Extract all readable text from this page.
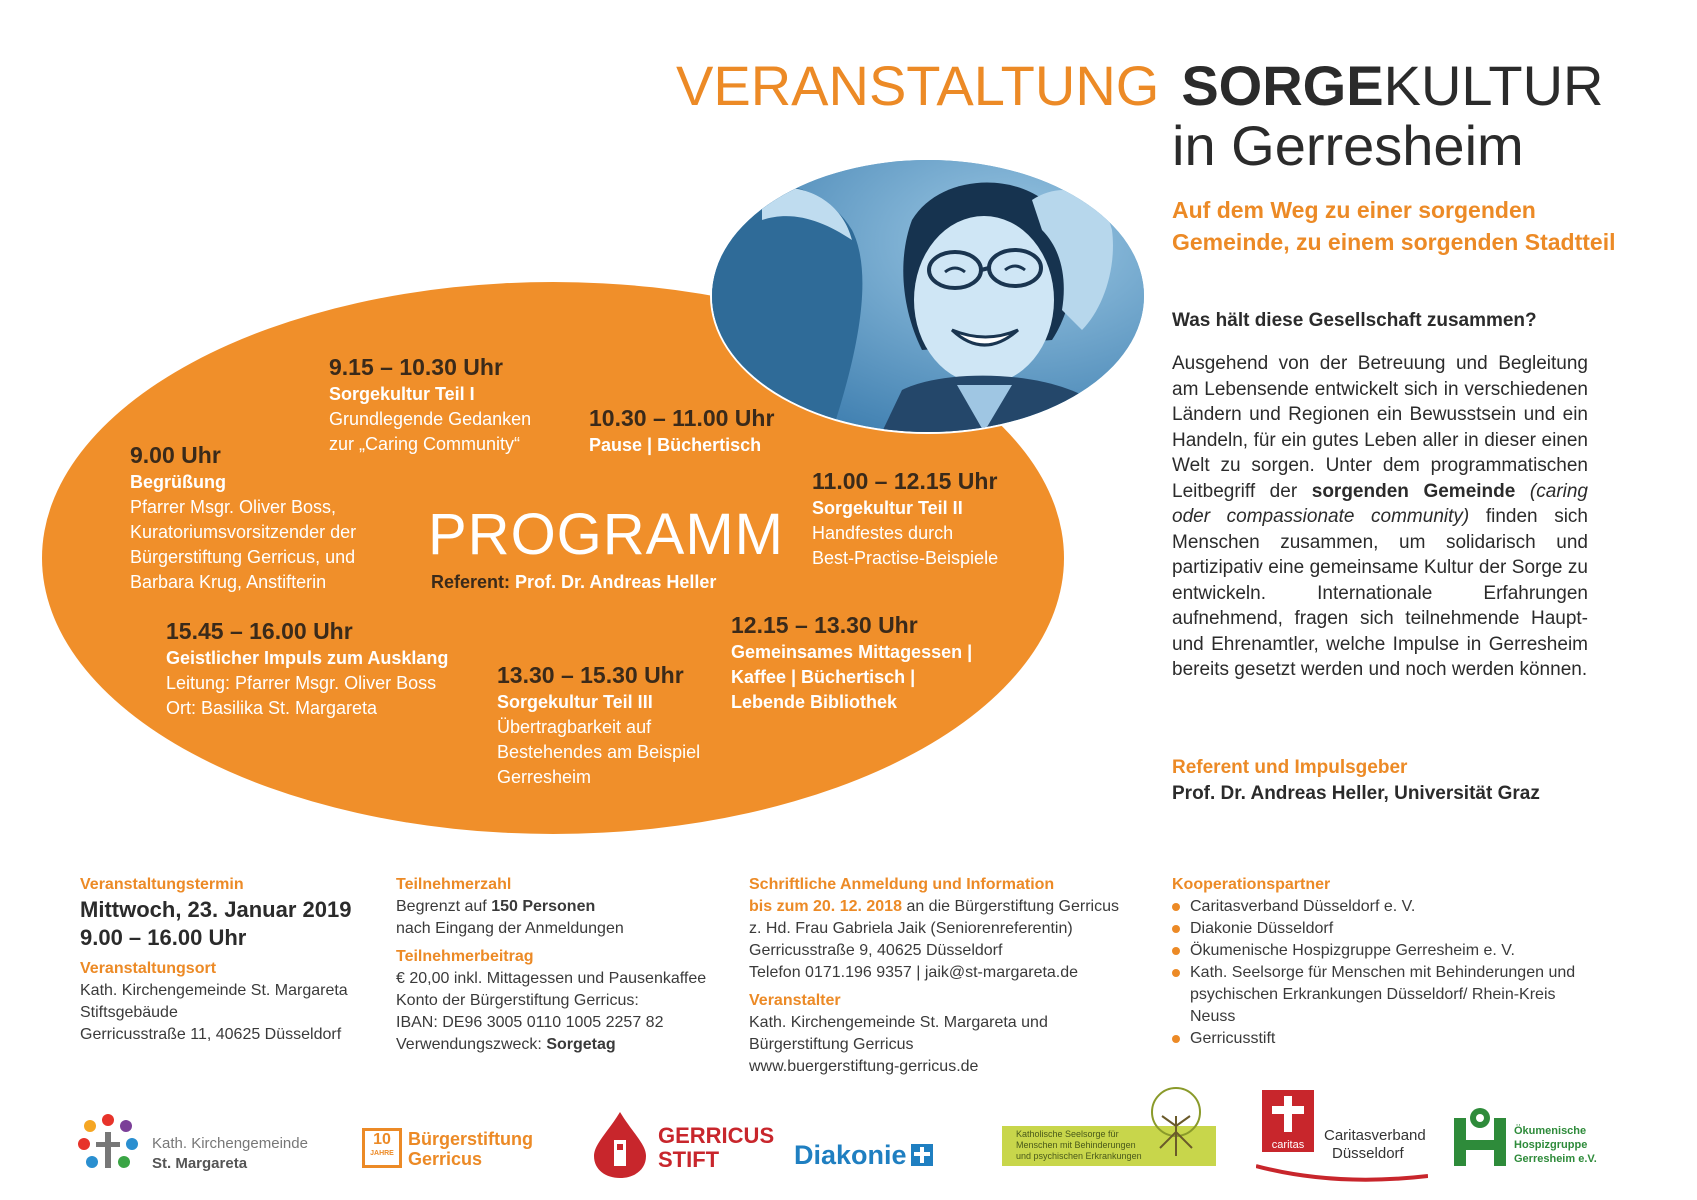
VERANSTALTUNG SORGEKULTUR
in Gerresheim
Auf dem Weg zu einer sorgenden
Gemeinde, zu einem sorgenden Stadtteil
9.00 Uhr
Begrüßung
Pfarrer Msgr. Oliver Boss,
Kuratoriumsvorsitzender der
Bürgerstiftung Gerricus, und
Barbara Krug, Anstifterin
9.15 – 10.30 Uhr
Sorgekultur Teil I
Grundlegende Gedanken
zur „Caring Community“
10.30 – 11.00 Uhr
Pause | Büchertisch
11.00 – 12.15 Uhr
Sorgekultur Teil II
Handfestes durch
Best-Practise-Beispiele
12.15 – 13.30 Uhr
Gemeinsames Mittagessen |
Kaffee | Büchertisch |
Lebende Bibliothek
13.30 – 15.30 Uhr
Sorgekultur Teil III
Übertragbarkeit auf
Bestehendes am Beispiel
Gerresheim
15.45 – 16.00 Uhr
Geistlicher Impuls zum Ausklang
Leitung: Pfarrer Msgr. Oliver Boss
Ort: Basilika St. Margareta
PROGRAMM
Referent: Prof. Dr. Andreas Heller
Was hält diese Gesellschaft zusammen?
Ausgehend von der Betreuung und Begleitung am Lebensende entwickelt sich in verschiedenen Ländern und Regionen ein Bewusstsein und ein Handeln, für ein gutes Leben aller in dieser einen Welt zu sorgen. Unter dem programmatischen Leitbegriff der sorgenden Gemeinde (caring oder compassionate community) finden sich Menschen zusammen, um solidarisch und partizipativ eine gemeinsame Kultur der Sorge zu entwickeln.	Internationale Erfahrungen aufnehmend, fragen sich teilnehmende Haupt- und Ehrenamtler, welche Impulse in Gerresheim bereits gesetzt werden und noch werden können.
Referent und Impulsgeber
Prof. Dr. Andreas Heller, Universität Graz
Veranstaltungstermin
Mittwoch, 23. Januar 2019
9.00 – 16.00 Uhr
Veranstaltungsort
Kath. Kirchengemeinde St. Margareta
Stiftsgebäude
Gerricusstraße 11, 40625 Düsseldorf
Teilnehmerzahl
Begrenzt auf 150 Personen
nach Eingang der Anmeldungen
Teilnehmerbeitrag
€ 20,00 inkl. Mittagessen und Pausenkaffee
Konto der Bürgerstiftung Gerricus:
IBAN: DE96 3005 0110 1005 2257 82
Verwendungszweck: Sorgetag
Schriftliche Anmeldung und Information
bis zum 20. 12. 2018 an die Bürgerstiftung Gerricus
z. Hd. Frau Gabriela Jaik (Seniorenreferentin)
Gerricusstraße 9, 40625 Düsseldorf
Telefon 0171.196 9357 | jaik@st-margareta.de
Veranstalter
Kath. Kirchengemeinde St. Margareta und
Bürgerstiftung Gerricus
www.buergerstiftung-gerricus.de
Kooperationspartner
Caritasverband Düsseldorf e. V.
Diakonie Düsseldorf
Ökumenische Hospizgruppe Gerresheim e. V.
Kath. Seelsorge für Menschen mit Behinderungen und psychischen Erkrankungen Düsseldorf/ Rhein-Kreis Neuss
Gerricusstift
Kath. Kirchengemeinde
St. Margareta
10
JAHRE
Bürgerstiftung
Gerricus
GERRICUS
STIFT	Diakonie
Katholische Seelsorge für
Menschen mit Behinderungen
und psychischen Erkrankungen
caritas
Caritasverband
Düsseldorf
Ökumenische
Hospizgruppe
Gerresheim e.V.
